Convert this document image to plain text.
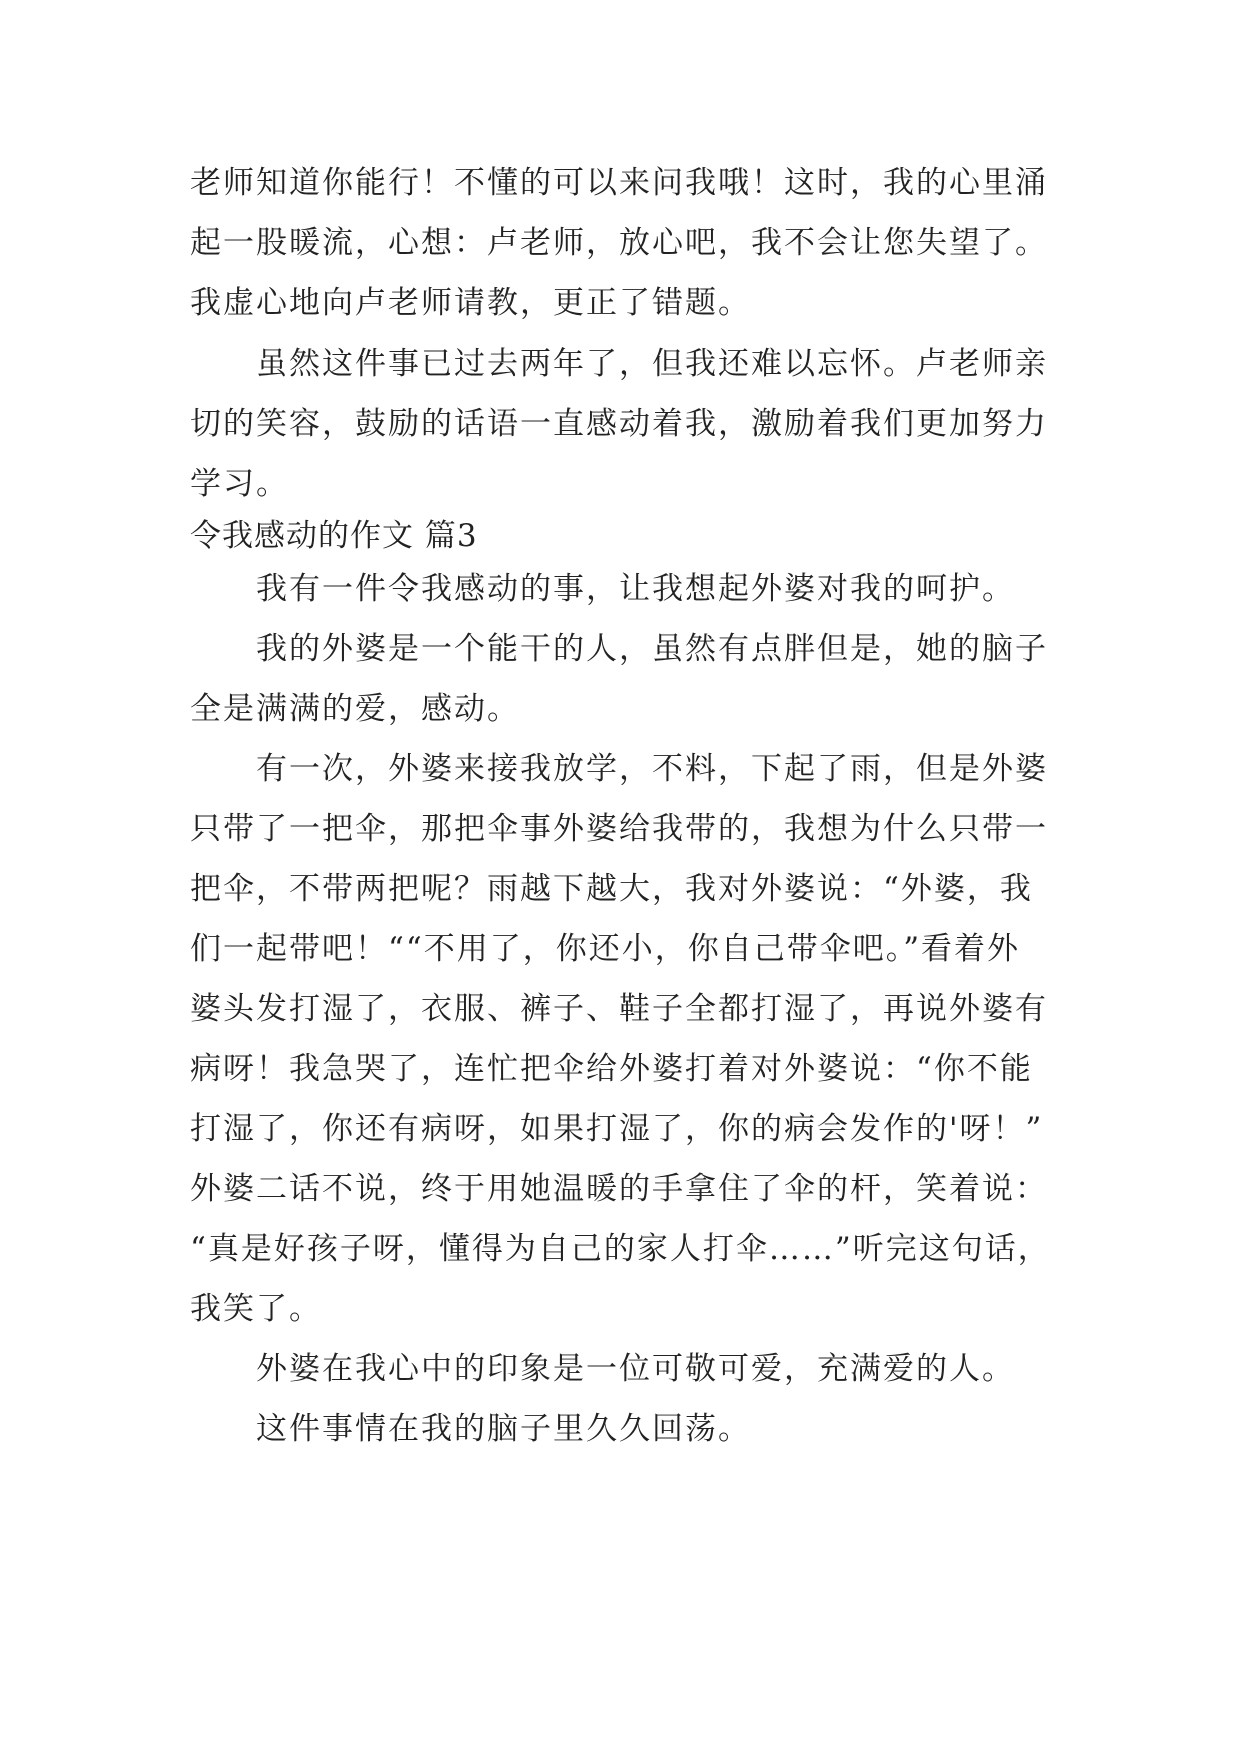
老师知道你能行！不懂的可以来问我哦！这时，我的心里涌

起一股暖流，心想：卢老师，放心吧，我不会让您失望了。

我虚心地向卢老师请教，更正了错题。

虽然这件事已过去两年了，但我还难以忘怀。卢老师亲

切的笑容，鼓励的话语一直感动着我，激励着我们更加努力

学习。

令我感动的作文 篇3

我有一件令我感动的事，让我想起外婆对我的呵护。

我的外婆是一个能干的人，虽然有点胖但是，她的脑子

全是满满的爱，感动。

有一次，外婆来接我放学，不料，下起了雨，但是外婆

只带了一把伞，那把伞事外婆给我带的，我想为什么只带一

把伞，不带两把呢？雨越下越大，我对外婆说：“外婆，我

们一起带吧！““不用了，你还小，你自己带伞吧。”看着外

婆头发打湿了，衣服、裤子、鞋子全都打湿了，再说外婆有

病呀！我急哭了，连忙把伞给外婆打着对外婆说：“你不能

打湿了，你还有病呀，如果打湿了，你的病会发作的'呀！”

外婆二话不说，终于用她温暖的手拿住了伞的杆，笑着说：

“真是好孩子呀，懂得为自己的家人打伞……”听完这句话，

我笑了。

外婆在我心中的印象是一位可敬可爱，充满爱的人。

这件事情在我的脑子里久久回荡。
